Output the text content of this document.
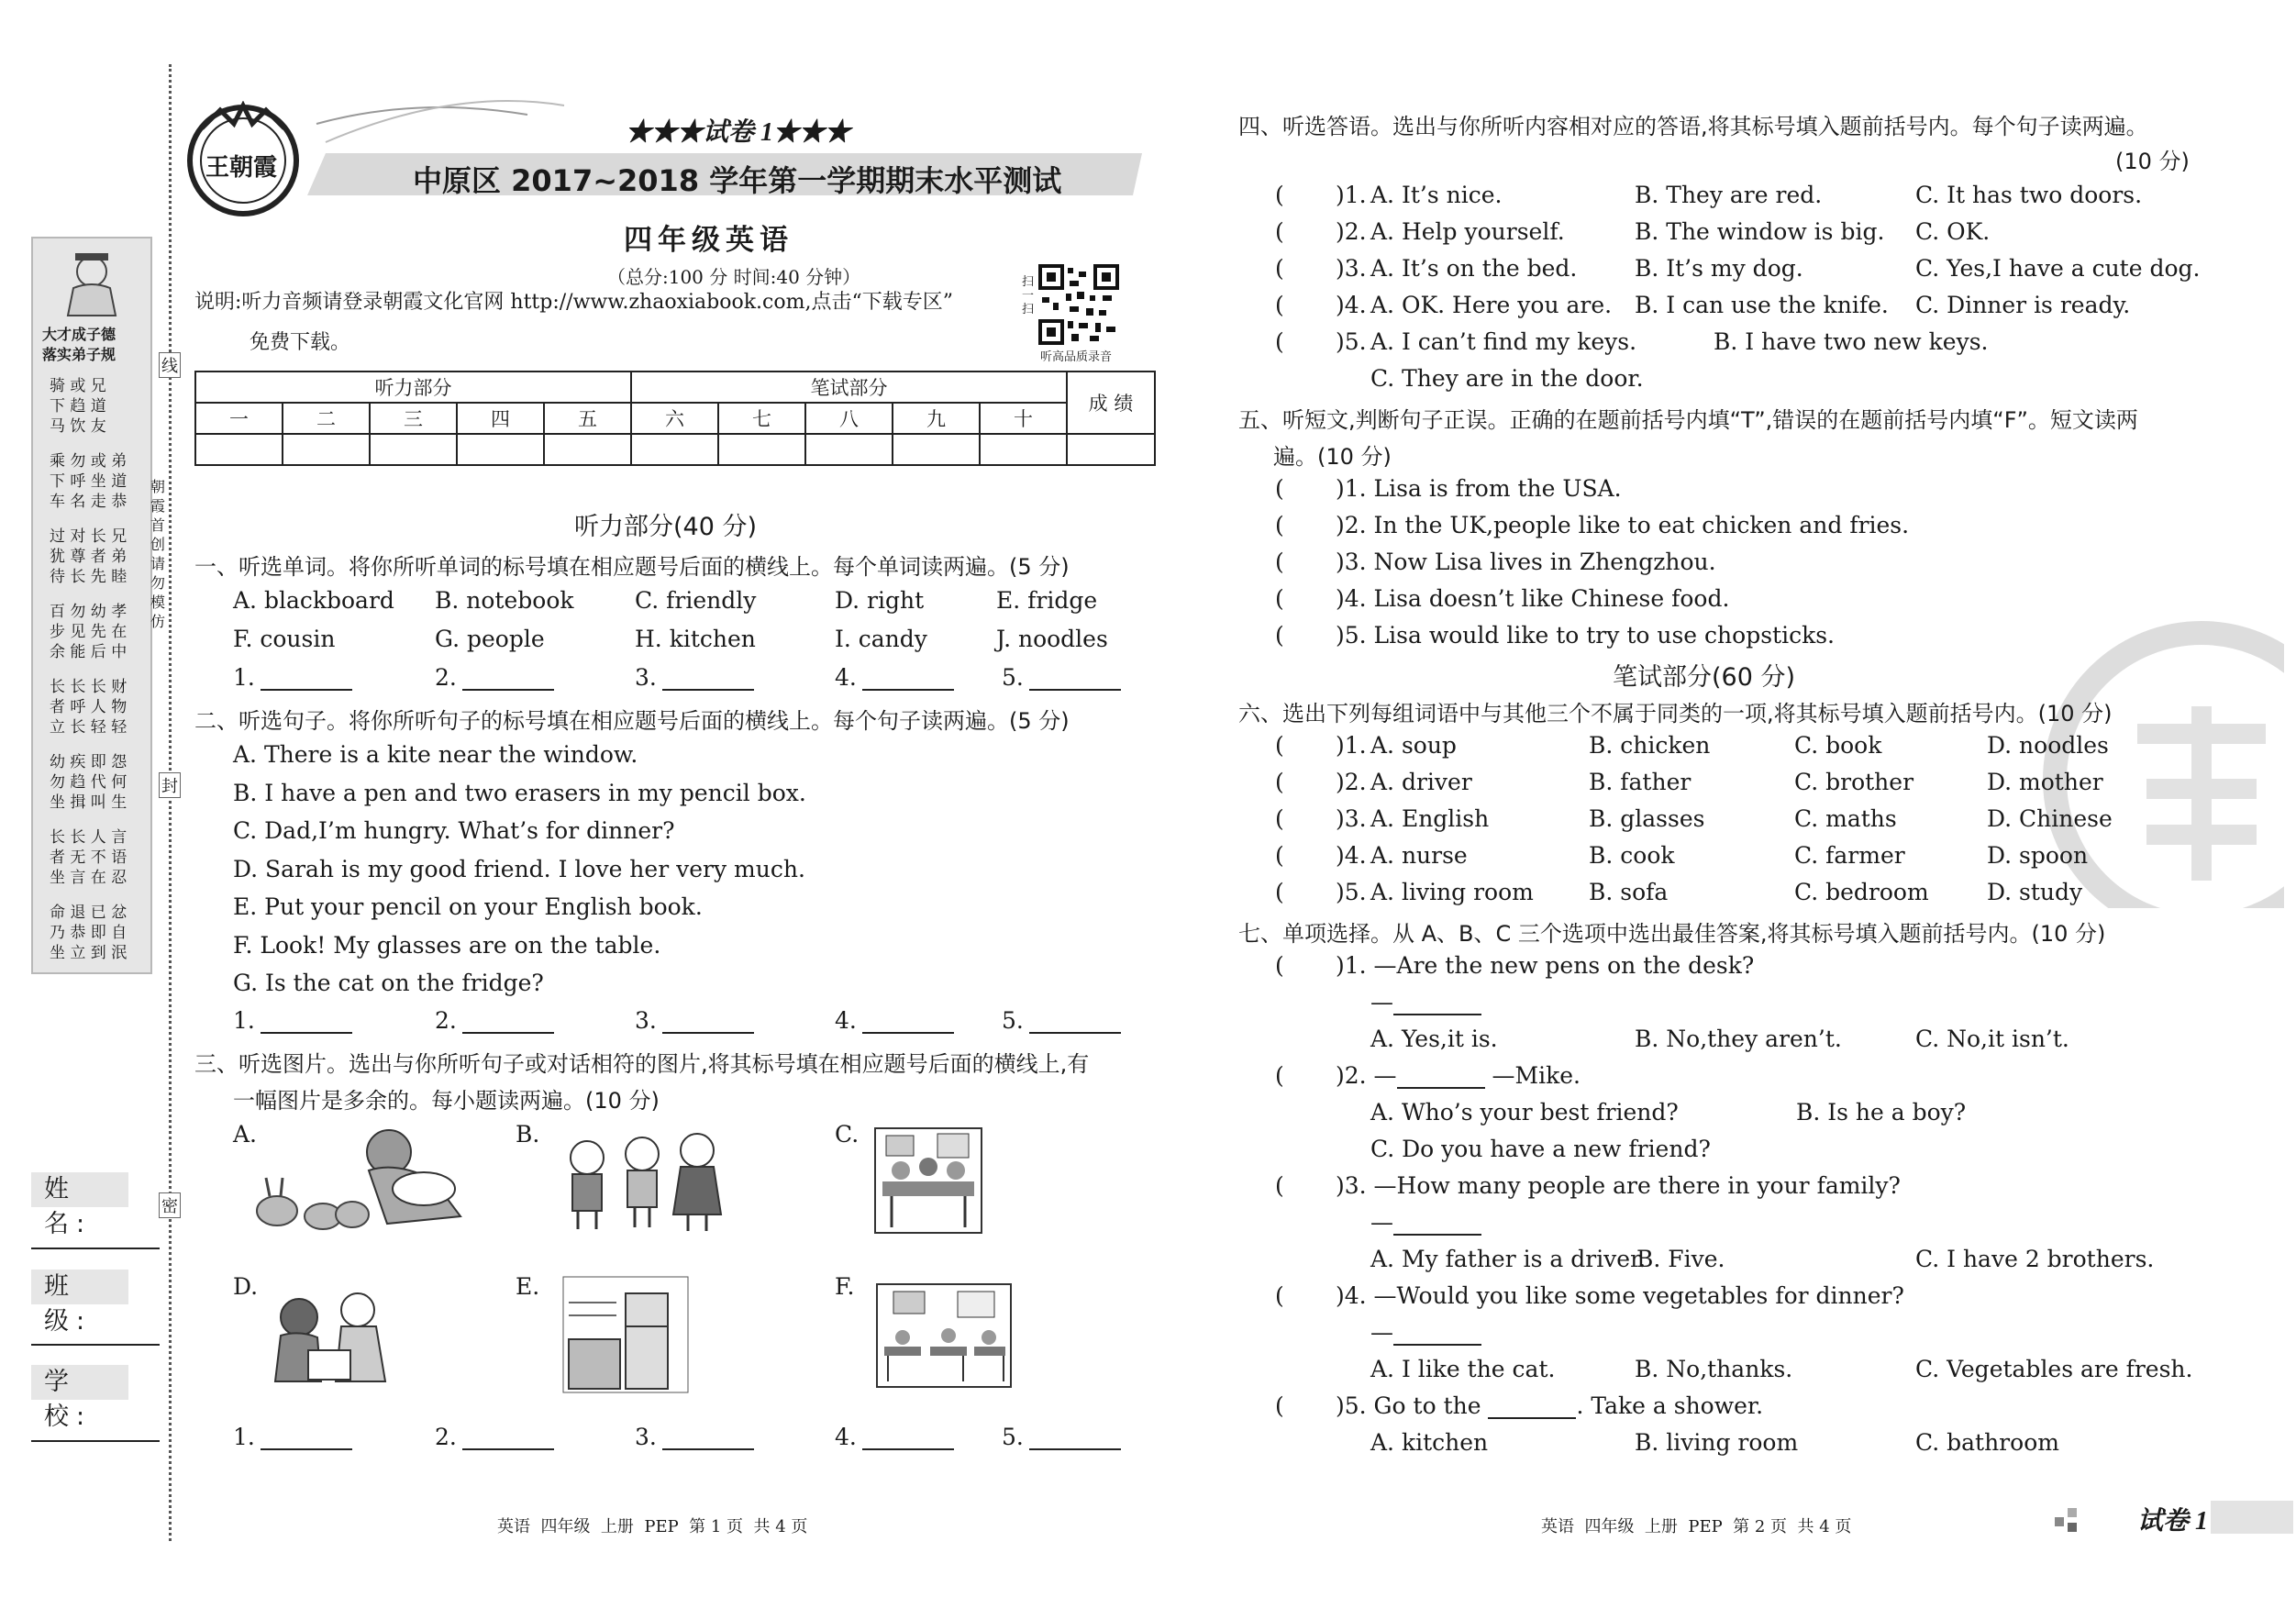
大才成子德
落实弟子规
骑 或 兄
下 趋 道
马 饮 友
乘 勿 或 弟
下 呼 坐 道
车 名 走 恭
过 对 长 兄
犹 尊 者 弟
待 长 先 睦
百 勿 幼 孝
步 见 先 在
余 能 后 中
长 长 长 财
者 呼 人 物
立 长 轻 轻
幼 疾 即 怨
勿 趋 代 何
坐 揖 叫 生
长 长 人 言
者 无 不 语
坐 言 在 忍
命 退 已 忿
乃 恭 即 自
坐 立 到 泯
线
朝霞首创 请勿模仿
封
密
姓 名:
班 级:
学 校:
王朝霞
★★★试卷 1★★★
中原区 2017~2018 学年第一学期期末水平测试
四年级英语
（总分:100 分 时间:40 分钟）
说明:听力音频请登录朝霞文化官网 http://www.zhaoxiabook.com,点击“下载专区”
免费下载。
扫一扫
听高品质录音
听力部分					笔试部分					成 绩
一	二	三	四	五	六	七	八	九	十	

听力部分(40 分)
一、听选单词。将你所听单词的标号填在相应题号后面的横线上。每个单词读两遍。(5 分)
A. blackboard B. notebook	C. friendly	D. right	E. fridge
F. cousin	G. people	H. kitchen	I. candy	J. noodles
1.	2.	3.	4.	5.
二、听选句子。将你所听句子的标号填在相应题号后面的横线上。每个句子读两遍。(5 分)
A. There is a kite near the window.
B. I have a pen and two erasers in my pencil box.
C. Dad,I’m hungry. What’s for dinner?
D. Sarah is my good friend. I love her very much.
E. Put your pencil on your English book.
F. Look! My glasses are on the table.
G. Is the cat on the fridge?
1.	2.	3.	4.	5.
三、听选图片。选出与你所听句子或对话相符的图片,将其标号填在相应题号后面的横线上,有
一幅图片是多余的。每小题读两遍。(10 分)
A.	B.	C.
D.	E.	F.
1.	2.	3.	4.	5.
英语  四年级  上册  PEP  第 1 页  共 4 页
四、听选答语。选出与你所听内容相对应的答语,将其标号填入题前括号内。每个句子读两遍。
(10 分)
( )1. A. It’s nice.	B. They are red.	C. It has two doors.
( )2. A. Help yourself.	B. The window is big. C. OK.
( )3. A. It’s on the bed.	B. It’s my dog.	C. Yes,I have a cute dog.
( )4. A. OK. Here you are. B. I can use the knife. C. Dinner is ready.
( )5. A. I can’t find my keys.	B. I have two new keys.
C. They are in the door.
五、听短文,判断句子正误。正确的在题前括号内填“T”,错误的在题前括号内填“F”。短文读两
遍。(10 分)
( )1. Lisa is from the USA.
( )2. In the UK,people like to eat chicken and fries.
( )3. Now Lisa lives in Zhengzhou.
( )4. Lisa doesn’t like Chinese food.
( )5. Lisa would like to try to use chopsticks.
笔试部分(60 分)
六、选出下列每组词语中与其他三个不属于同类的一项,将其标号填入题前括号内。(10 分)
( )1. A. soup	B. chicken	C. book	D. noodles
( )2. A. driver	B. father	C. brother	D. mother
( )3. A. English	B. glasses	C. maths	D. Chinese
( )4. A. nurse	B. cook	C. farmer	D. spoon
( )5. A. living room B. sofa	C. bedroom	D. study
七、单项选择。从 A、B、C 三个选项中选出最佳答案,将其标号填入题前括号内。(10 分)
( )1. —Are the new pens on the desk?
—
A. Yes,it is.	B. No,they aren’t.	C. No,it isn’t.
( )2. —	—Mike.
A. Who’s your best friend?	B. Is he a boy?
C. Do you have a new friend?
( )3. —How many people are there in your family?
—
A. My father is a driver.
B. Five.	C. I have 2 brothers.
( )4. —Would you like some vegetables for dinner?
—
A. I like the cat.	B. No,thanks.	C. Vegetables are fresh.
( )5. Go to the	. Take a shower.
A. kitchen	B. living room	C. bathroom
英语  四年级  上册  PEP  第 2 页  共 4 页	试卷 1
